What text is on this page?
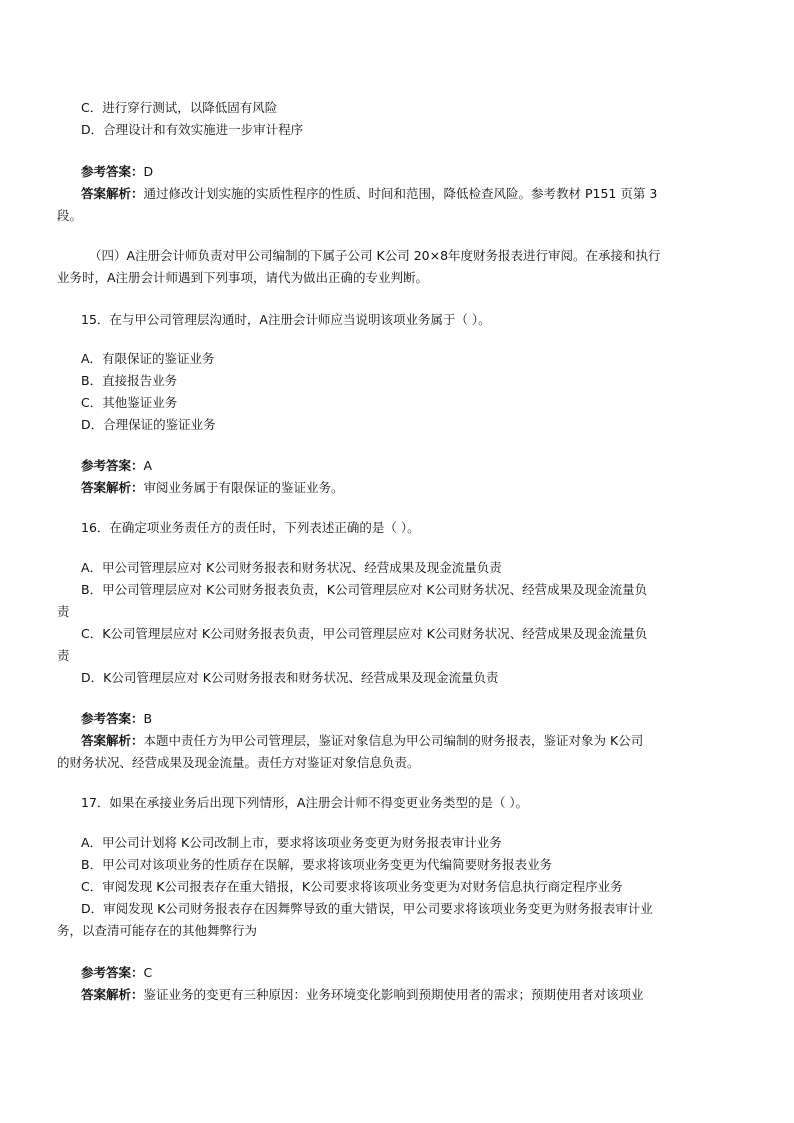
C．进行穿行测试，以降低固有风险
D．合理设计和有效实施进一步审计程序
参考答案：D
答案解析：通过修改计划实施的实质性程序的性质、时间和范围，降低检查风险。参考教材 P151 页第 3
段。
（四）A注册会计师负责对甲公司编制的下属子公司 K公司 20×8年度财务报表进行审阅。在承接和执行
业务时，A注册会计师遇到下列事项，请代为做出正确的专业判断。
15．在与甲公司管理层沟通时，A注册会计师应当说明该项业务属于（ ）。
A．有限保证的鉴证业务
B．直接报告业务
C．其他鉴证业务
D．合理保证的鉴证业务
参考答案：A
答案解析：审阅业务属于有限保证的鉴证业务。
16．在确定项业务责任方的责任时，下列表述正确的是（ ）。
A．甲公司管理层应对 K公司财务报表和财务状况、经营成果及现金流量负责
B．甲公司管理层应对 K公司财务报表负责，K公司管理层应对 K公司财务状况、经营成果及现金流量负
责
C．K公司管理层应对 K公司财务报表负责，甲公司管理层应对 K公司财务状况、经营成果及现金流量负
责
D．K公司管理层应对 K公司财务报表和财务状况、经营成果及现金流量负责
参考答案：B
答案解析：本题中责任方为甲公司管理层，鉴证对象信息为甲公司编制的财务报表，鉴证对象为 K公司
的财务状况、经营成果及现金流量。责任方对鉴证对象信息负责。
17．如果在承接业务后出现下列情形，A注册会计师不得变更业务类型的是（ ）。
A．甲公司计划将 K公司改制上市，要求将该项业务变更为财务报表审计业务
B．甲公司对该项业务的性质存在误解，要求将该项业务变更为代编简要财务报表业务
C．审阅发现 K公司报表存在重大错报，K公司要求将该项业务变更为对财务信息执行商定程序业务
D．审阅发现 K公司财务报表存在因舞弊导致的重大错误，甲公司要求将该项业务变更为财务报表审计业
务，以查清可能存在的其他舞弊行为
参考答案：C
答案解析：鉴证业务的变更有三种原因：业务环境变化影响到预期使用者的需求；预期使用者对该项业
